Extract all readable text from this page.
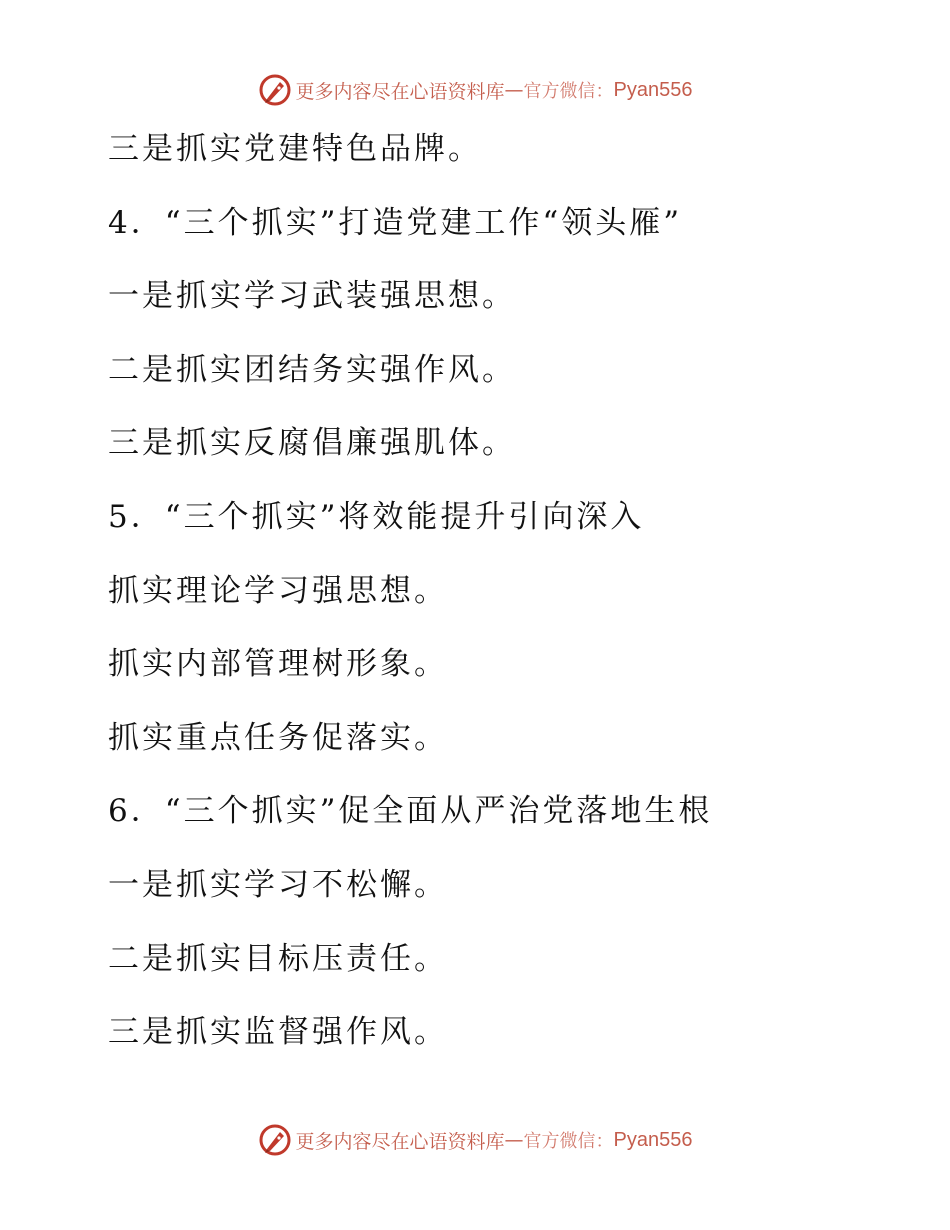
更多内容尽在心语资料库 — 官方微信： Pyan556
三是抓实党建特色品牌。
4．“三个抓实”打造党建工作“领头雁”
一是抓实学习武装强思想。
二是抓实团结务实强作风。
三是抓实反腐倡廉强肌体。
5．“三个抓实”将效能提升引向深入
抓实理论学习强思想。
抓实内部管理树形象。
抓实重点任务促落实。
6．“三个抓实”促全面从严治党落地生根
一是抓实学习不松懈。
二是抓实目标压责任。
三是抓实监督强作风。
更多内容尽在心语资料库 — 官方微信： Pyan556
